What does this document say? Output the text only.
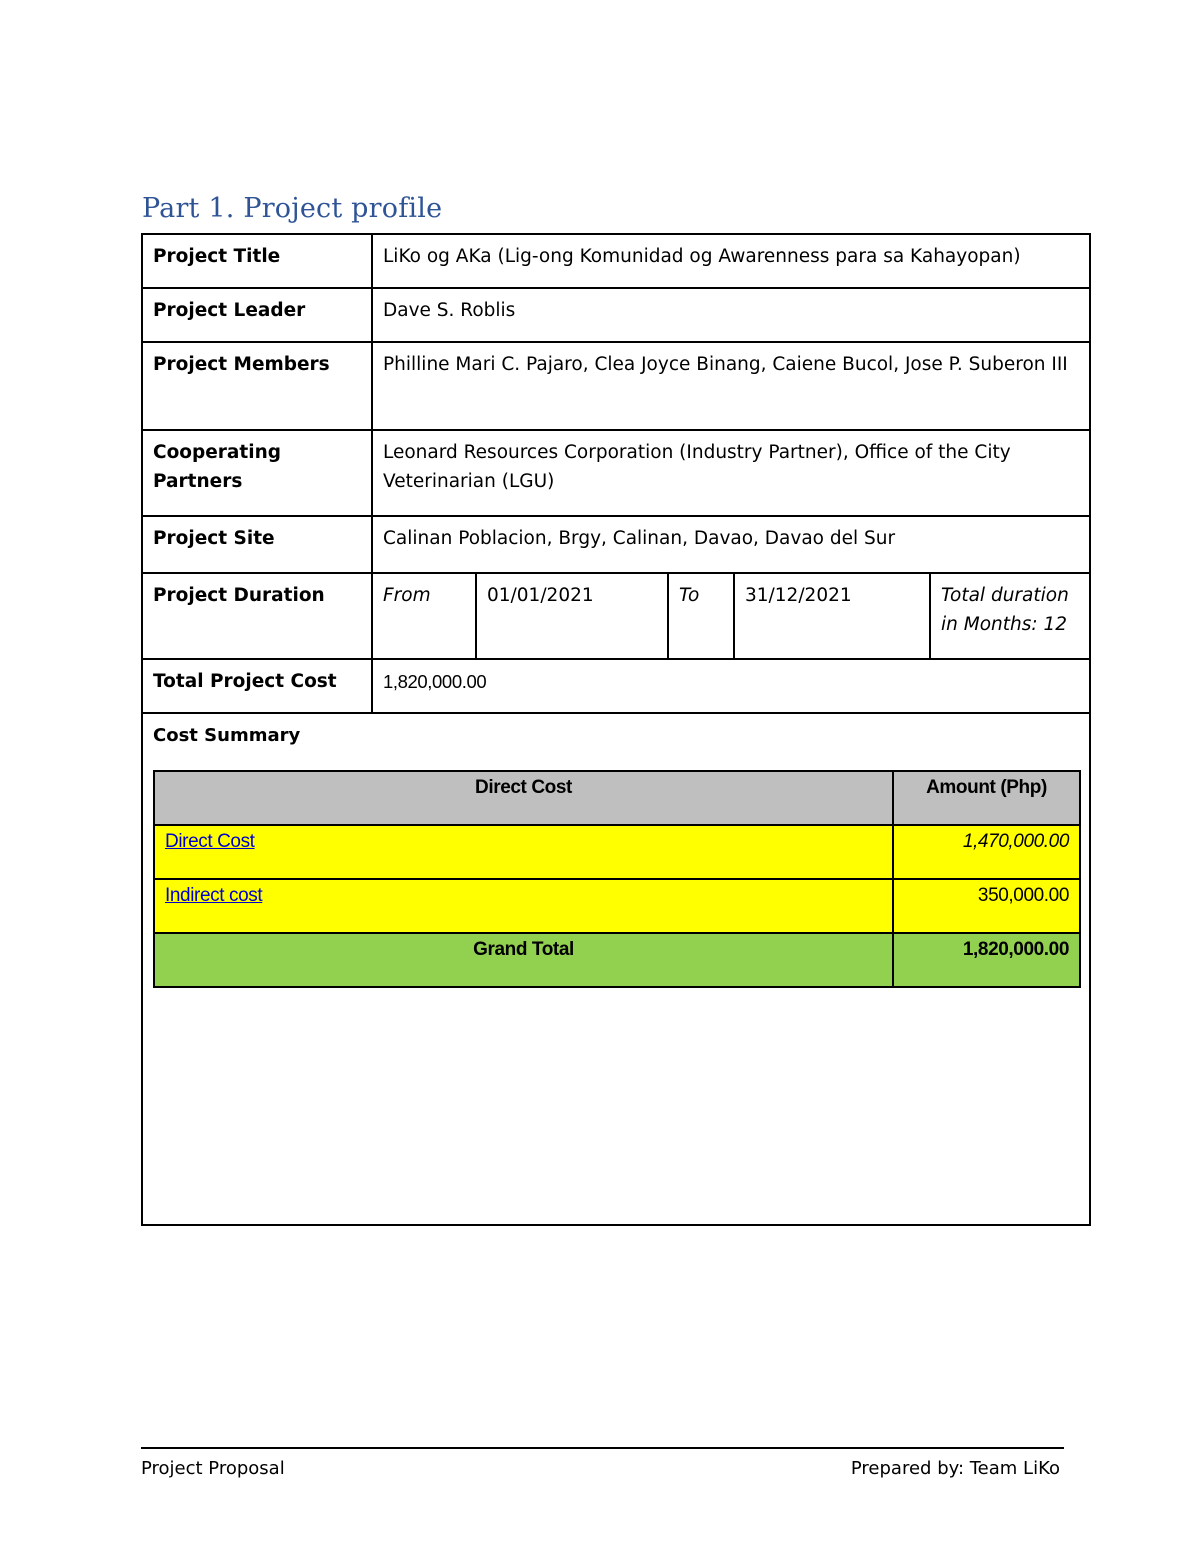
Part 1. Project profile
Project Title	LiKo og AKa (Lig-ong Komunidad og Awarenness para sa Kahayopan)
Project Leader	Dave S. Roblis
Project Members	Philline Mari C. Pajaro, Clea Joyce Binang, Caiene Bucol, Jose P. Suberon III
Cooperating Partners	Leonard Resources Corporation (Industry Partner), Office of the City Veterinarian (LGU)
Project Site	Calinan Poblacion, Brgy, Calinan, Davao, Davao del Sur
Project Duration	From	01/01/2021	To	31/12/2021	Total duration in Months: 12
Total Project Cost	1,820,000.00

Cost Summary
Direct Cost	Amount (Php)
Direct Cost	1,470,000.00
Indirect cost	350,000.00
Grand Total	1,820,000.00
Project Proposal	Prepared by: Team LiKo
